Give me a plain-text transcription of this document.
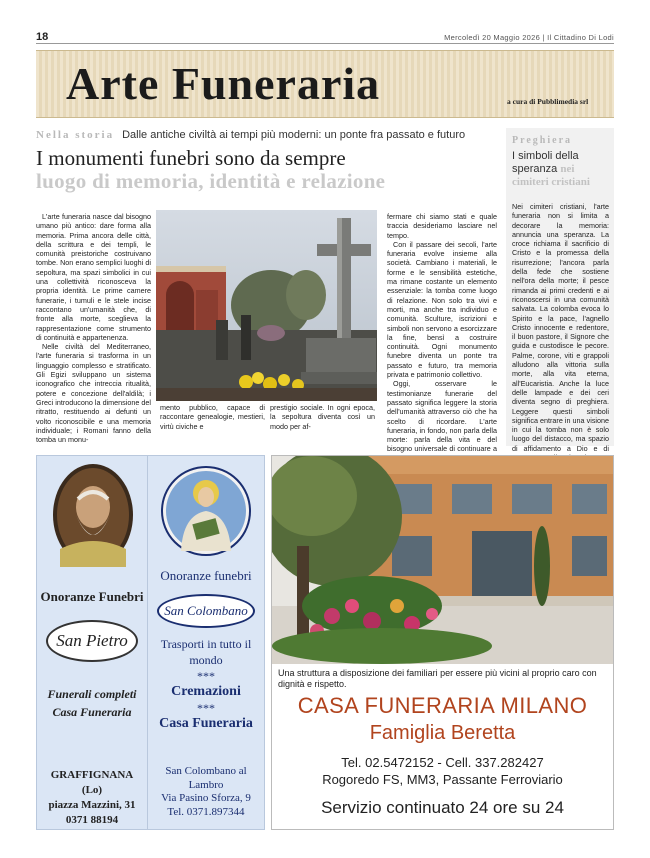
18	Mercoledì 20 Maggio 2026 | Il Cittadino Di Lodi
Arte Funeraria	a cura di Pubblimedia srl
Nella storia Dalle antiche civiltà ai tempi più moderni: un ponte fra passato e futuro
I monumenti funebri sono da sempre
luogo di memoria, identità e relazione

L'arte funeraria nasce dal bisogno umano più antico: dare forma alla memoria. Prima ancora delle città, della scrittura e dei templi, le comunità preistoriche costruivano tombe. Non erano semplici luoghi di sepoltura, ma spazi simbolici in cui una collettività riconosceva la propria identità. Le prime camere funerarie, i tumuli e le stele incise raccontano un'umanità che, di fronte alla morte, sceglieva la rappresentazione come strumento di continuità e appartenenza.

Nelle civiltà del Mediterraneo, l'arte funeraria si trasforma in un linguaggio complesso e stratificato. Gli Egizi sviluppano un sistema iconografico che intreccia ritualità, potere e concezione dell'aldilà; i Greci introducono la dimensione del ritratto, restituendo ai defunti un volto riconoscibile e una memoria individuale; i Romani fanno della tomba un monu-

mento pubblico, capace di raccontare genealogie, mestieri, virtù civiche e

prestigio sociale. In ogni epoca, la sepoltura diventa così un modo per af-

fermare chi siamo stati e quale traccia desideriamo lasciare nel tempo.

Con il passare dei secoli, l'arte funeraria evolve insieme alla società. Cambiano i materiali, le forme e le sensibilità estetiche, ma rimane costante un elemento essenziale: la tomba come luogo di relazione. Non solo tra vivi e morti, ma anche tra individuo e comunità. Sculture, iscrizioni e simboli non servono a esorcizzare la fine, bensì a costruire continuità. Ogni monumento funebre diventa un ponte tra passato e futuro, tra memoria privata e patrimonio collettivo.

Oggi, osservare le testimonianze funerarie del passato significa leggere la storia dell'umanità attraverso ciò che ha scelto di ricordare. L'arte funeraria, in fondo, non parla della morte: parla della vita e del bisogno universale di continuare a

Preghiera
I simboli della speranza nei cimiteri cristiani
Nei cimiteri cristiani, l'arte funeraria non si limita a decorare la memoria: annuncia una speranza. La croce richiama il sacrificio di Cristo e la promessa della risurrezione; l'ancora parla della fede che sostiene nell'ora della morte; il pesce rimanda ai primi credenti e ai riconoscersi in una comunità salvata. La colomba evoca lo Spirito e la pace, l'agnello Cristo innocente e redentore, il buon pastore, il Signore che guida e custodisce le pecore. Palme, corone, viti e grappoli alludono alla vittoria sulla morte, alla vita eterna, all'Eucaristia. Anche la luce delle lampade e dei ceri diventa segno di preghiera. Leggere questi simboli significa entrare in una visione in cui la tomba non è solo luogo del distacco, ma spazio di affidamento a Dio e di
Onoranze Funebri
San Pietro
Funerali completi
Casa Funeraria
GRAFFIGNANA (Lo)
piazza Mazzini, 31
0371 88194
Onoranze funebri
San Colombano
Trasporti in tutto il mondo
***
Cremazioni
***
Casa Funeraria
San Colombano al Lambro
Via Pasino Sforza, 9
Tel. 0371.897344
Una struttura a disposizione dei familiari per essere più vicini al proprio caro con dignità e rispetto.
CASA FUNERARIA MILANO
Famiglia Beretta
Tel. 02.5472152 - Cell. 337.282427
Rogoredo FS, MM3, Passante Ferroviario
Servizio continuato 24 ore su 24
